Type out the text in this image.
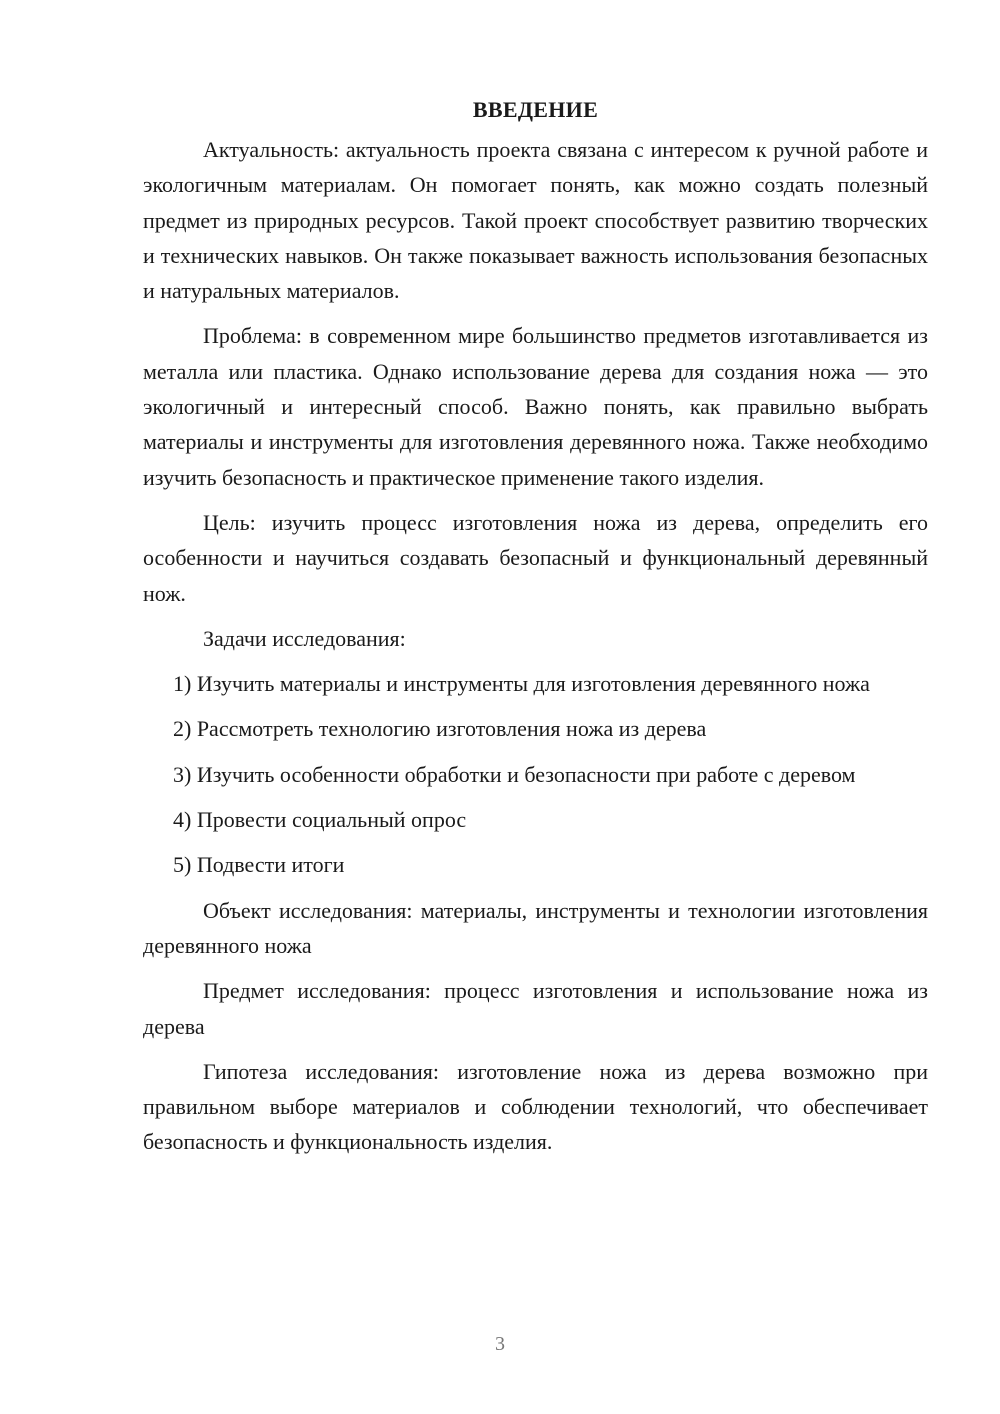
ВВЕДЕНИЕ

Актуальность: актуальность проекта связана с интересом к ручной работе и экологичным материалам. Он помогает понять, как можно создать полезный предмет из природных ресурсов. Такой проект способствует развитию творческих и технических навыков. Он также показывает важность использования безопасных и натуральных материалов.

Проблема: в современном мире большинство предметов изготавливается из металла или пластика. Однако использование дерева для создания ножа — это экологичный и интересный способ. Важно понять, как правильно выбрать материалы и инструменты для изготовления деревянного ножа. Также необходимо изучить безопасность и практическое применение такого изделия.

Цель: изучить процесс изготовления ножа из дерева, определить его особенности и научиться создавать безопасный и функциональный деревянный нож.

Задачи исследования:

1) Изучить материалы и инструменты для изготовления деревянного ножа

2) Рассмотреть технологию изготовления ножа из дерева

3) Изучить особенности обработки и безопасности при работе с деревом

4) Провести социальный опрос

5) Подвести итоги

Объект исследования: материалы, инструменты и технологии изготовления деревянного ножа

Предмет исследования: процесс изготовления и использование ножа из дерева

Гипотеза исследования: изготовление ножа из дерева возможно при правильном выборе материалов и соблюдении технологий, что обеспечивает безопасность и функциональность изделия.

3
